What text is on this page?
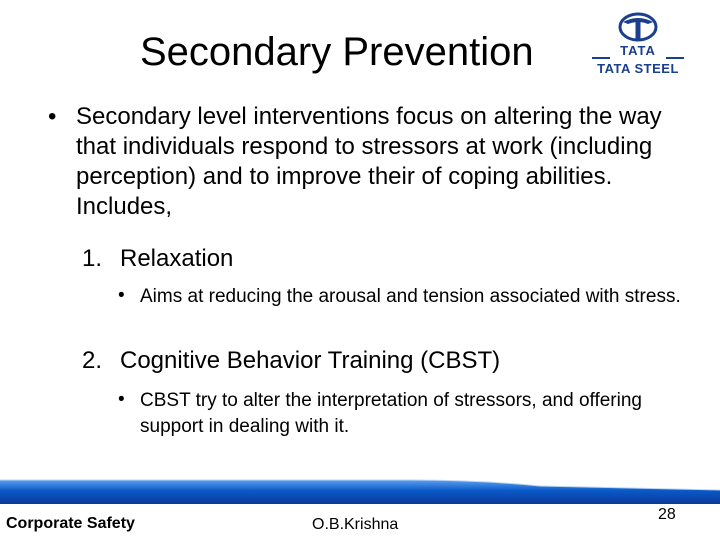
Secondary Prevention	TATA
TATA STEEL
• Secondary level interventions focus on altering the way that individuals respond to stressors at work (including perception) and to improve their of coping abilities. Includes,
1. Relaxation
• Aims at reducing the arousal and tension associated with stress.
2. Cognitive Behavior Training (CBST)
• CBST try to alter the interpretation of stressors, and offering support in dealing with it.
Corporate Safety	O.B.Krishna
28
